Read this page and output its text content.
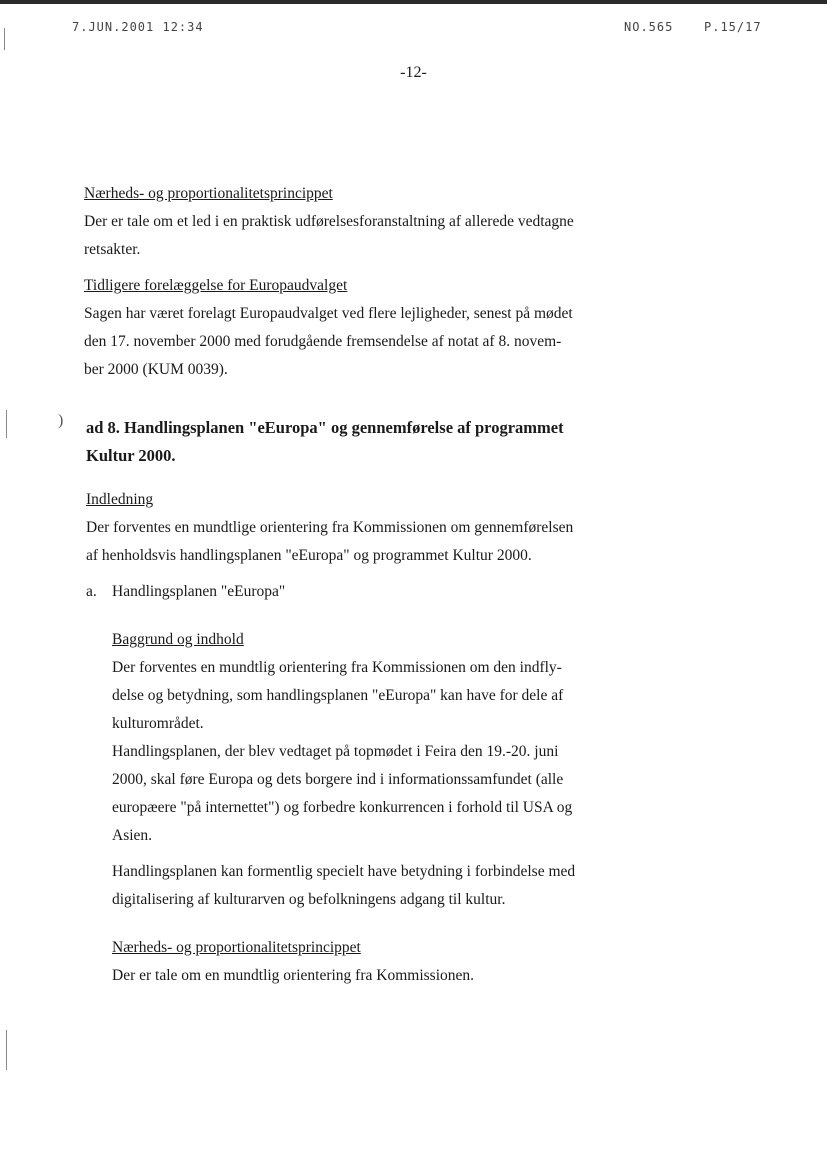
7.JUN.2001 12:34	NO.565	P.15/17
)
-12-
Nærheds- og proportionalitetsprincippet
Der er tale om et led i en praktisk udførelsesforanstaltning af allerede vedtagne
retsakter.
Tidligere forelæggelse for Europaudvalget
Sagen har været forelagt Europaudvalget ved flere lejligheder, senest på mødet
den 17. november 2000 med forudgående fremsendelse af notat af 8. novem-
ber 2000 (KUM 0039).
ad 8. Handlingsplanen "eEuropa" og gennemførelse af programmet
Kultur 2000.
Indledning
Der forventes en mundtlige orientering fra Kommissionen om gennemførelsen
af henholdsvis handlingsplanen "eEuropa" og programmet Kultur 2000.
a. Handlingsplanen "eEuropa"
Baggrund og indhold
Der forventes en mundtlig orientering fra Kommissionen om den indfly-
delse og betydning, som handlingsplanen "eEuropa" kan have for dele af
kulturområdet.
Handlingsplanen, der blev vedtaget på topmødet i Feira den 19.-20. juni
2000, skal føre Europa og dets borgere ind i informationssamfundet (alle
europæere "på internettet") og forbedre konkurrencen i forhold til USA og
Asien.
Handlingsplanen kan formentlig specielt have betydning i forbindelse med
digitalisering af kulturarven og befolkningens adgang til kultur.
Nærheds- og proportionalitetsprincippet
Der er tale om en mundtlig orientering fra Kommissionen.
